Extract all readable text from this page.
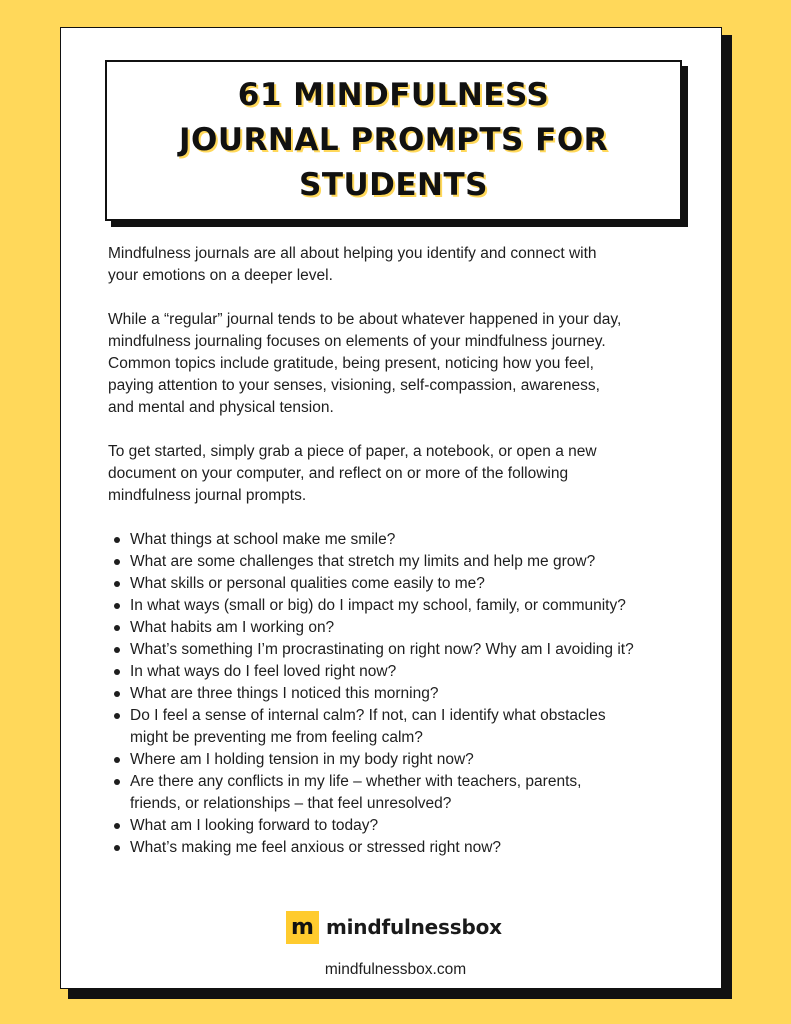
61 MINDFULNESS
JOURNAL PROMPTS FOR
STUDENTS

Mindfulness journals are all about helping you identify and connect with
your emotions on a deeper level.

While a “regular” journal tends to be about whatever happened in your day,
mindfulness journaling focuses on elements of your mindfulness journey.
Common topics include gratitude, being present, noticing how you feel,
paying attention to your senses, visioning, self-compassion, awareness,
and mental and physical tension.

To get started, simply grab a piece of paper, a notebook, or open a new
document on your computer, and reflect on or more of the following
mindfulness journal prompts.

What things at school make me smile?
What are some challenges that stretch my limits and help me grow?
What skills or personal qualities come easily to me?
In what ways (small or big) do I impact my school, family, or community?
What habits am I working on?
What’s something I’m procrastinating on right now? Why am I avoiding it?
In what ways do I feel loved right now?
What are three things I noticed this morning?
Do I feel a sense of internal calm? If not, can I identify what obstacles
might be preventing me from feeling calm?
Where am I holding tension in my body right now?
Are there any conflicts in my life – whether with teachers, parents,
friends, or relationships – that feel unresolved?
What am I looking forward to today?
What’s making me feel anxious or stressed right now?
m mindfulnessbox
mindfulnessbox.com
